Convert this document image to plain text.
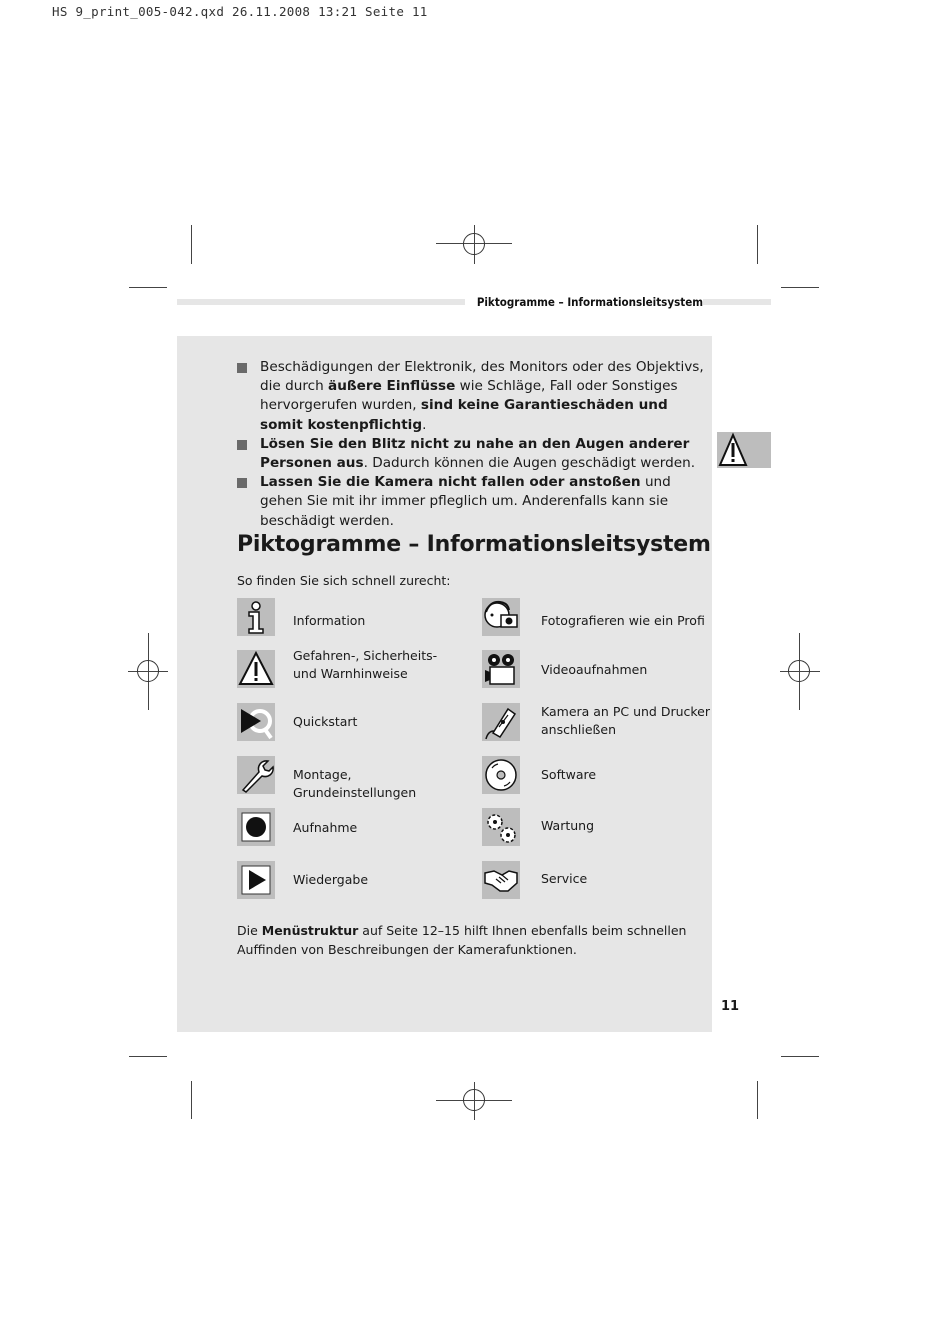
HS 9_print_005-042.qxd 26.11.2008 13:21 Seite 11
Piktogramme – Informationsleitsystem
Beschädigungen der Elektronik, des Monitors oder des Objektivs, die durch äußere Einflüsse wie Schläge, Fall oder Sonstiges hervorgerufen wurden, sind keine Garantieschäden und somit kostenpflichtig.
Lösen Sie den Blitz nicht zu nahe an den Augen anderer Personen aus. Dadurch können die Augen geschädigt werden.
Lassen Sie die Kamera nicht fallen oder anstoßen und gehen Sie mit ihr immer pfleglich um. Anderenfalls kann sie beschädigt werden.
Piktogramme – Informationsleitsystem
So finden Sie sich schnell zurecht:
Information
Gefahren-, Sicherheits- und Warnhinweise
Quickstart
Montage, Grundeinstellungen
Aufnahme
Wiedergabe
Fotografieren wie ein Profi
Videoaufnahmen
Kamera an PC und Drucker anschließen
Software
Wartung
Service
Die Menüstruktur auf Seite 12–15 hilft Ihnen ebenfalls beim schnellen Auffinden von Beschreibungen der Kamerafunktionen.
11
